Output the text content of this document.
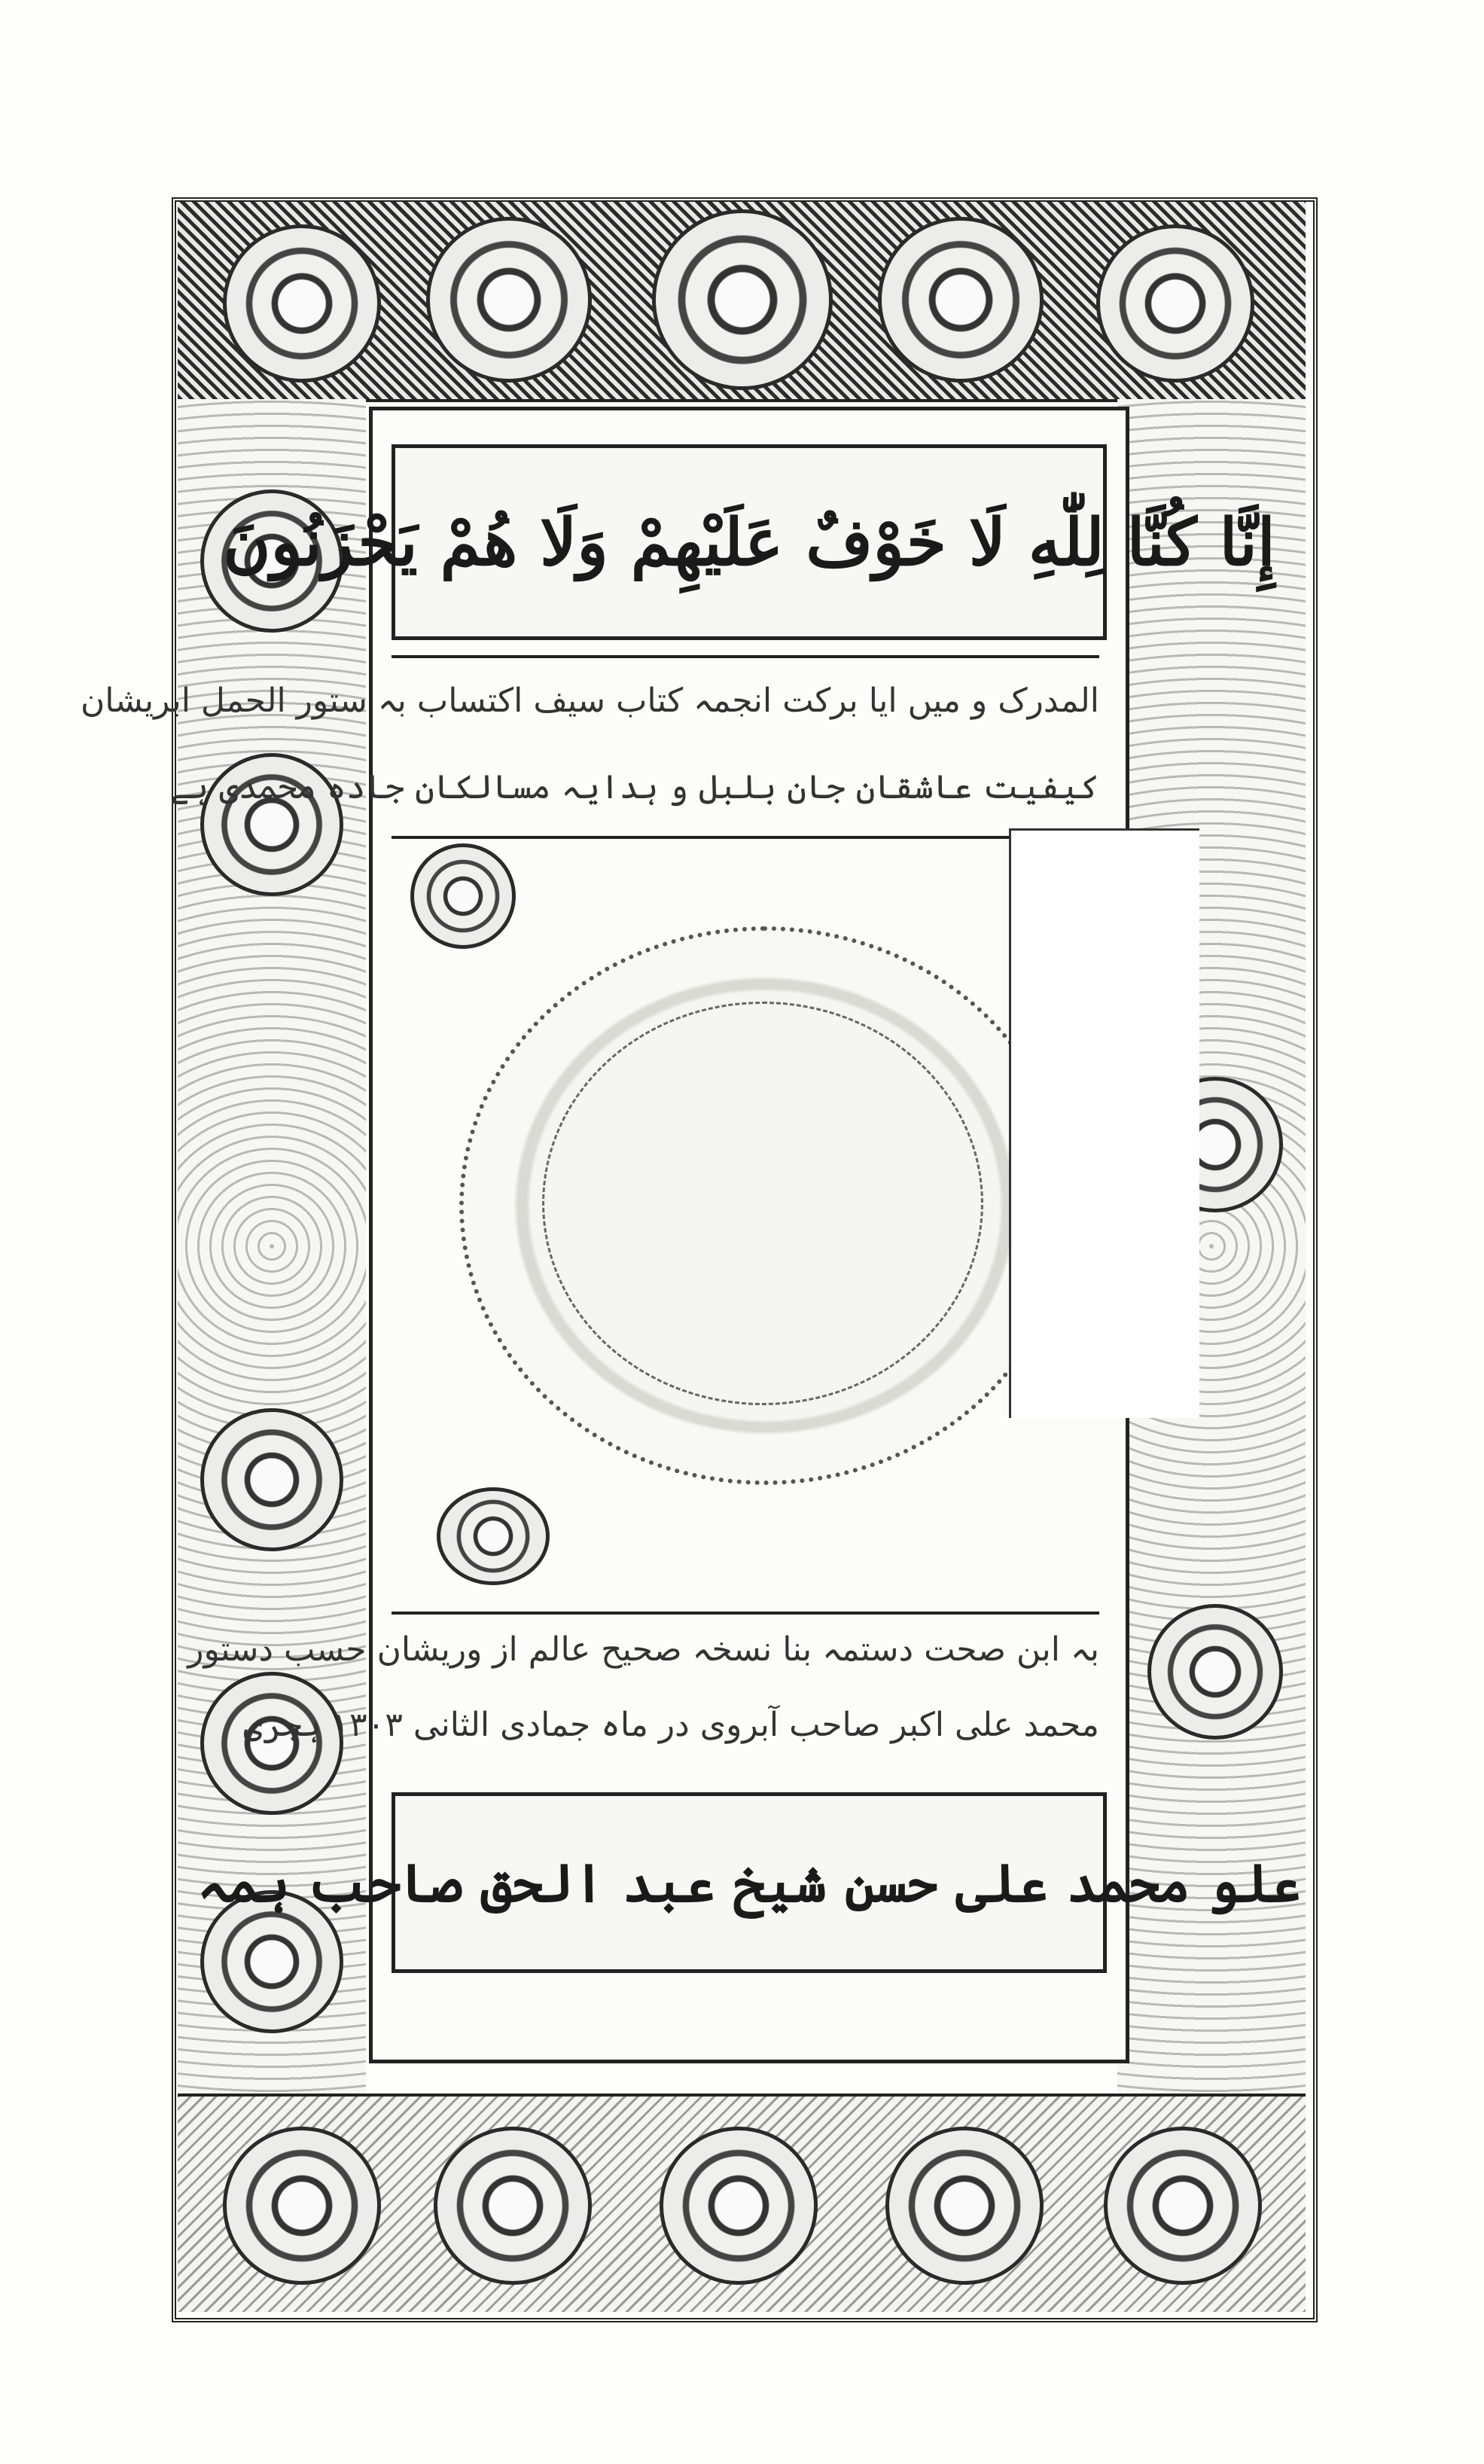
إِنَّا كُنَّا لِلّٰهِ لَا خَوْفٌ عَلَيْهِمْ وَلَا هُمْ يَحْزَنُونَ
المدرک و میں ایا برکت انجمہ کتاب سیف اکتساب بہ ستور الحمل ابریشان
کیفیت عاشقان جان بلبل و ہدایہ مسالکان جادہ محمدی ہے
بہ ابن صحت دستمہ بنا نسخہ صحیح عالم از وریشان حسب دستور
محمد علی اکبر صاحب آبروی در ماہ جمادی الثانی ۱۳۰۳ ہجری
علو محمد علی حسن شیخ عبد الحق صاحب ہمہ
